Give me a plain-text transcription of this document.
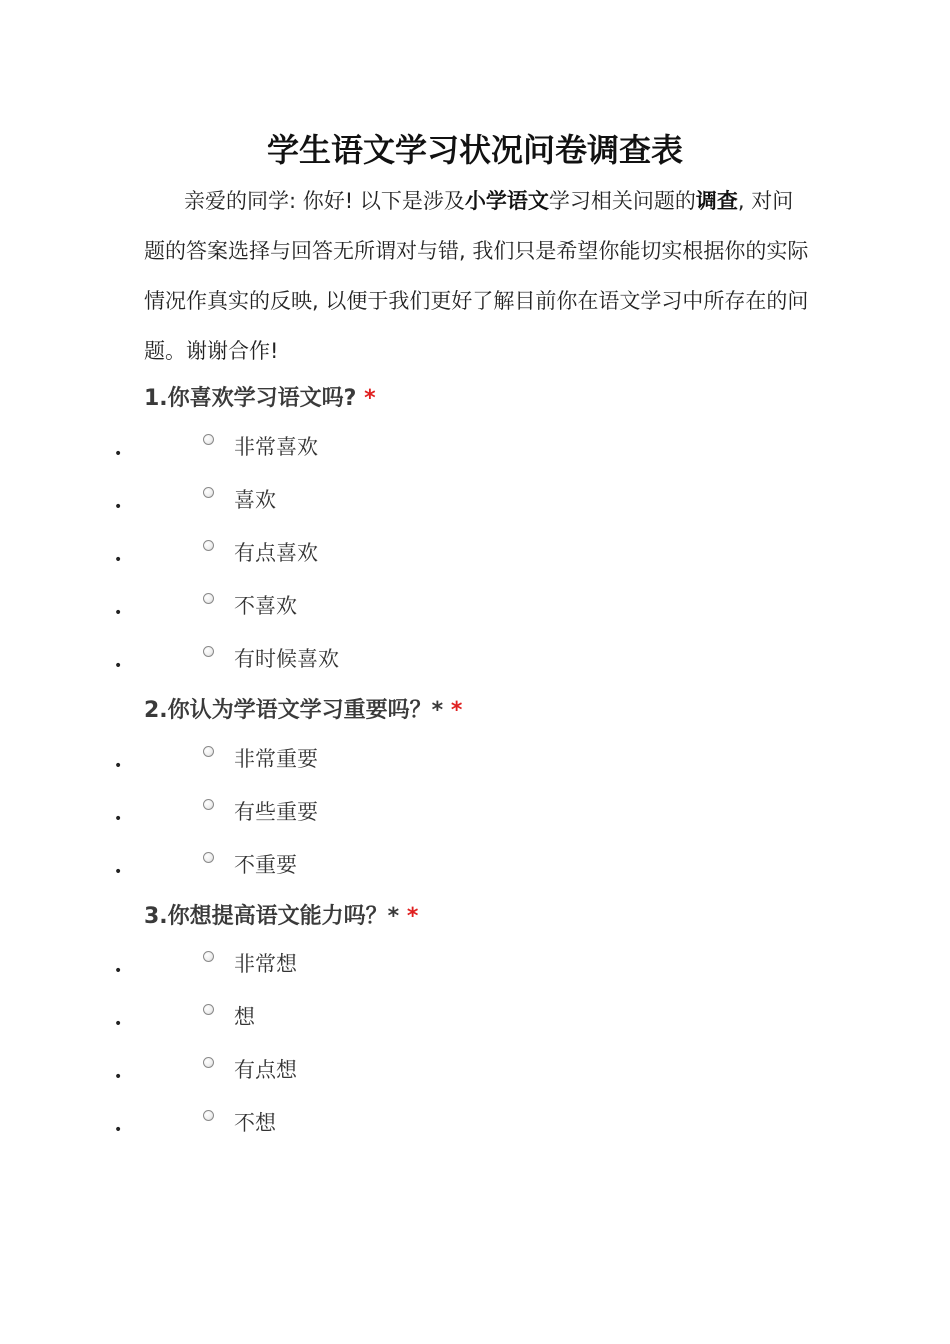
学生语文学习状况问卷调查表
亲爱的同学: 你好! 以下是涉及小学语文学习相关问题的调查, 对问题的答案选择与回答无所谓对与错, 我们只是希望你能切实根据你的实际情况作真实的反映, 以便于我们更好了解目前你在语文学习中所存在的问题。谢谢合作!
1.你喜欢学习语文吗? *
•	非常喜欢
•	喜欢
•	有点喜欢
•	不喜欢
•	有时候喜欢
2.你认为学语文学习重要吗？* *
•	非常重要
•	有些重要
•	不重要
3.你想提高语文能力吗？* *
•	非常想
•	想
•	有点想
•	不想
